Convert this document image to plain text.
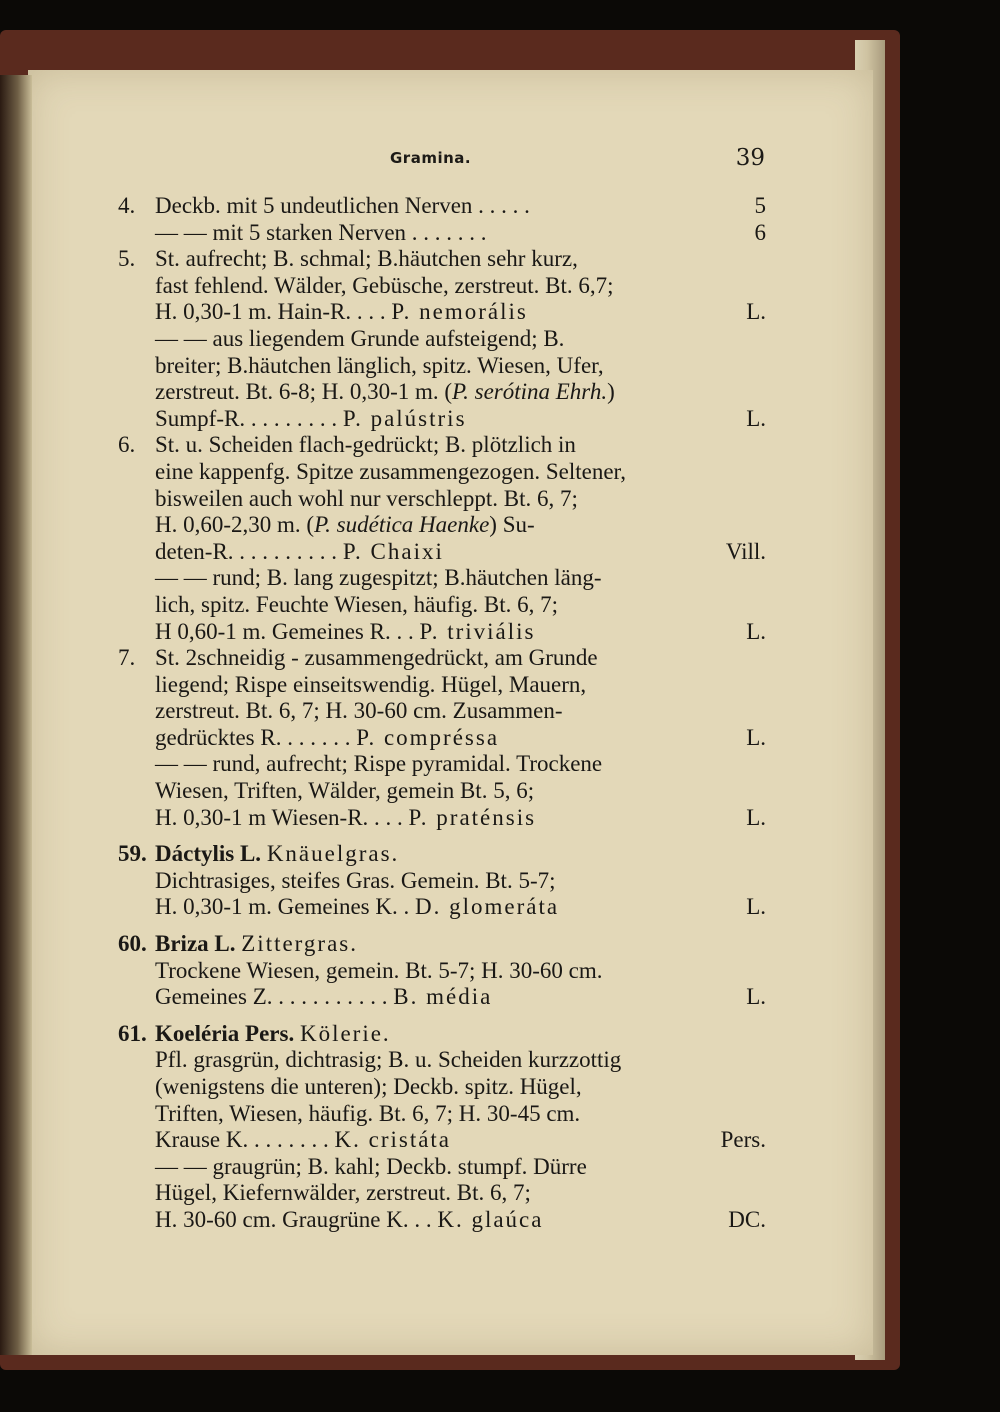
Gramina.	39
4. Deckb. mit 5 undeutlichen Nerven . . . . .	5
— — mit 5 starken Nerven . . . . . . .	6
5. St. aufrecht; B. schmal; B.häutchen sehr kurz,
fast fehlend. Wälder, Gebüsche, zerstreut. Bt. 6,7;
H. 0,30-1 m. Hain-R. . . . P. nemorális	L.
— — aus liegendem Grunde aufsteigend; B.
breiter; B.häutchen länglich, spitz. Wiesen, Ufer,
zerstreut. Bt. 6-8; H. 0,30-1 m. (P. serótina Ehrh.)
Sumpf-R. . . . . . . . . P. palústris	L.
6. St. u. Scheiden flach-gedrückt; B. plötzlich in
eine kappenfg. Spitze zusammengezogen. Seltener,
bisweilen auch wohl nur verschleppt. Bt. 6, 7;
H. 0,60-2,30 m. (P. sudética Haenke) Su-
deten-R. . . . . . . . . . P. Chaixi	Vill.
— — rund; B. lang zugespitzt; B.häutchen läng-
lich, spitz. Feuchte Wiesen, häufig. Bt. 6, 7;
H 0,60-1 m. Gemeines R. . . P. triviális	L.
7. St. 2schneidig - zusammengedrückt, am Grunde
liegend; Rispe einseitswendig. Hügel, Mauern,
zerstreut. Bt. 6, 7; H. 30-60 cm. Zusammen-
gedrücktes R. . . . . . . P. compréssa	L.
— — rund, aufrecht; Rispe pyramidal. Trockene
Wiesen, Triften, Wälder, gemein Bt. 5, 6;
H. 0,30-1 m Wiesen-R. . . . P. praténsis	L.
59. Dáctylis L. Knäuelgras.
Dichtrasiges, steifes Gras. Gemein. Bt. 5-7;
H. 0,30-1 m. Gemeines K. . D. glomeráta	L.
60. Briza L. Zittergras.
Trockene Wiesen, gemein. Bt. 5-7; H. 30-60 cm.
Gemeines Z. . . . . . . . . . . B. média	L.
61. Koeléria Pers. Kölerie.
Pfl. grasgrün, dichtrasig; B. u. Scheiden kurzzottig
(wenigstens die unteren); Deckb. spitz. Hügel,
Triften, Wiesen, häufig. Bt. 6, 7; H. 30-45 cm.
Krause K. . . . . . . . K. cristáta	Pers.
— — graugrün; B. kahl; Deckb. stumpf. Dürre
Hügel, Kiefernwälder, zerstreut. Bt. 6, 7;
H. 30-60 cm. Graugrüne K. . . K. glaúca	DC.
